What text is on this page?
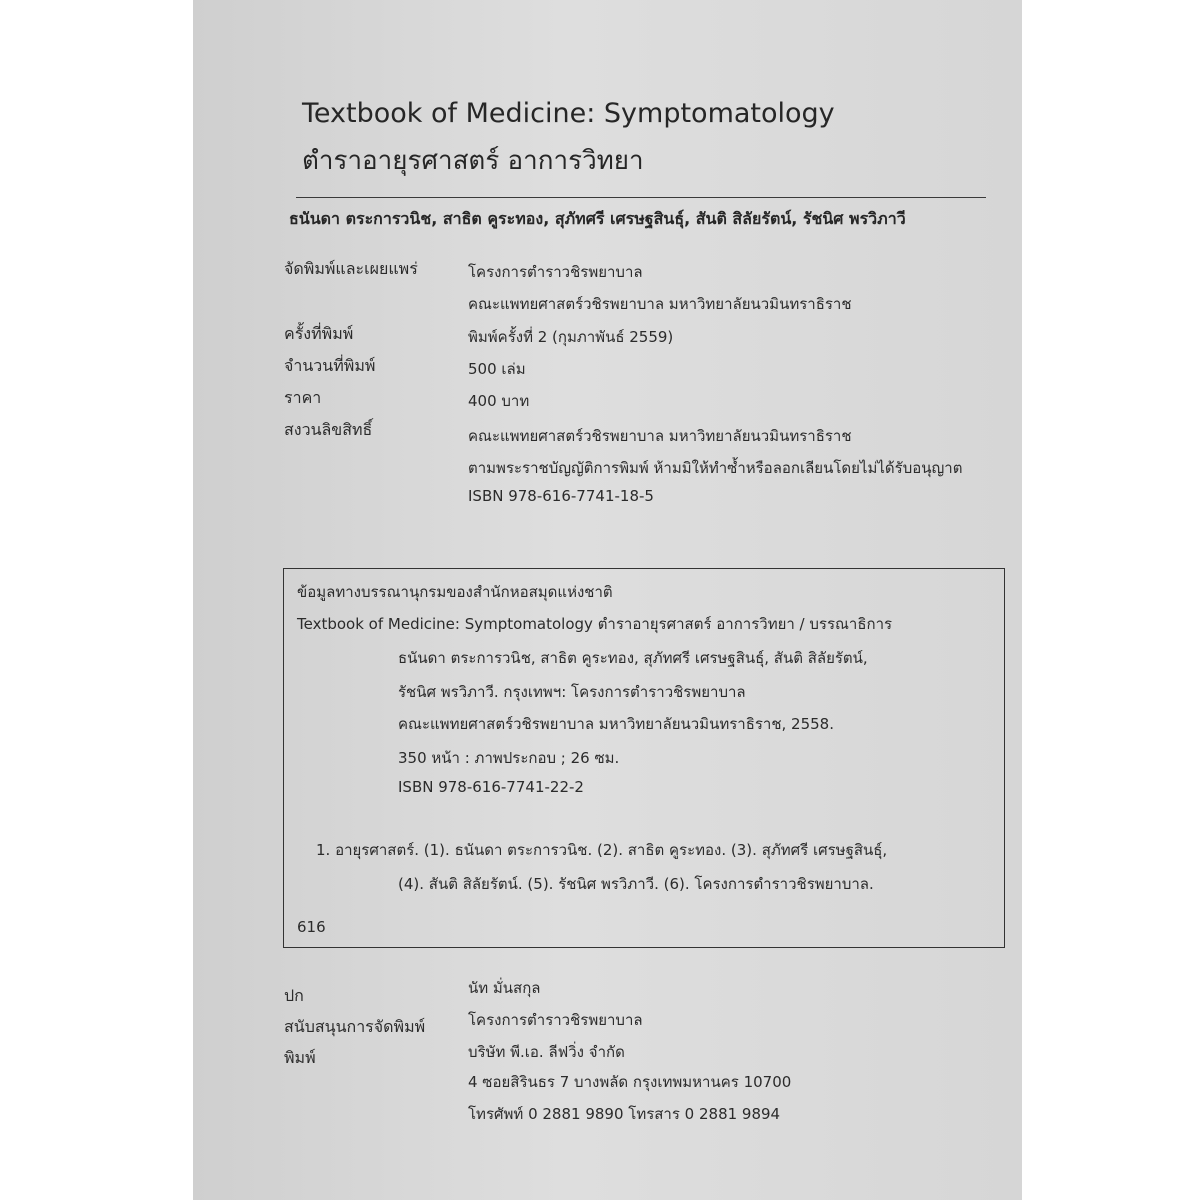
Textbook of Medicine: Symptomatology
ตำราอายุรศาสตร์ อาการวิทยา
ธนันดา ตระการวนิช, สาธิต คูระทอง, สุภัทศรี เศรษฐสินธุ์, สันติ สิลัยรัตน์, รัชนิศ พรวิภาวี
จัดพิมพ์และเผยแพร่	โครงการตำราวชิรพยาบาล
คณะแพทยศาสตร์วชิรพยาบาล มหาวิทยาลัยนวมินทราธิราช
ครั้งที่พิมพ์	พิมพ์ครั้งที่ 2 (กุมภาพันธ์ 2559)
จำนวนที่พิมพ์	500 เล่ม
ราคา	400 บาท
สงวนลิขสิทธิ์	คณะแพทยศาสตร์วชิรพยาบาล มหาวิทยาลัยนวมินทราธิราช
ตามพระราชบัญญัติการพิมพ์ ห้ามมิให้ทำซ้ำหรือลอกเลียนโดยไม่ได้รับอนุญาต
ISBN 978-616-7741-18-5
ข้อมูลทางบรรณานุกรมของสำนักหอสมุดแห่งชาติ
Textbook of Medicine: Symptomatology ตำราอายุรศาสตร์ อาการวิทยา / บรรณาธิการ
ธนันดา ตระการวนิช, สาธิต คูระทอง, สุภัทศรี เศรษฐสินธุ์, สันติ สิลัยรัตน์,
รัชนิศ พรวิภาวี. กรุงเทพฯ: โครงการตำราวชิรพยาบาล
คณะแพทยศาสตร์วชิรพยาบาล มหาวิทยาลัยนวมินทราธิราช, 2558.
350 หน้า : ภาพประกอบ ; 26 ซม.
ISBN 978-616-7741-22-2
1. อายุรศาสตร์. (1). ธนันดา ตระการวนิช. (2). สาธิต คูระทอง. (3). สุภัทศรี เศรษฐสินธุ์,
(4). สันติ สิลัยรัตน์. (5). รัชนิศ พรวิภาวี. (6). โครงการตำราวชิรพยาบาล.
616
ปก	นัท มั่นสกุล
สนับสนุนการจัดพิมพ์	โครงการตำราวชิรพยาบาล
พิมพ์	บริษัท พี.เอ. ลีฟวิ่ง จำกัด
4 ซอยสิรินธร 7 บางพลัด กรุงเทพมหานคร 10700
โทรศัพท์ 0 2881 9890 โทรสาร 0 2881 9894
